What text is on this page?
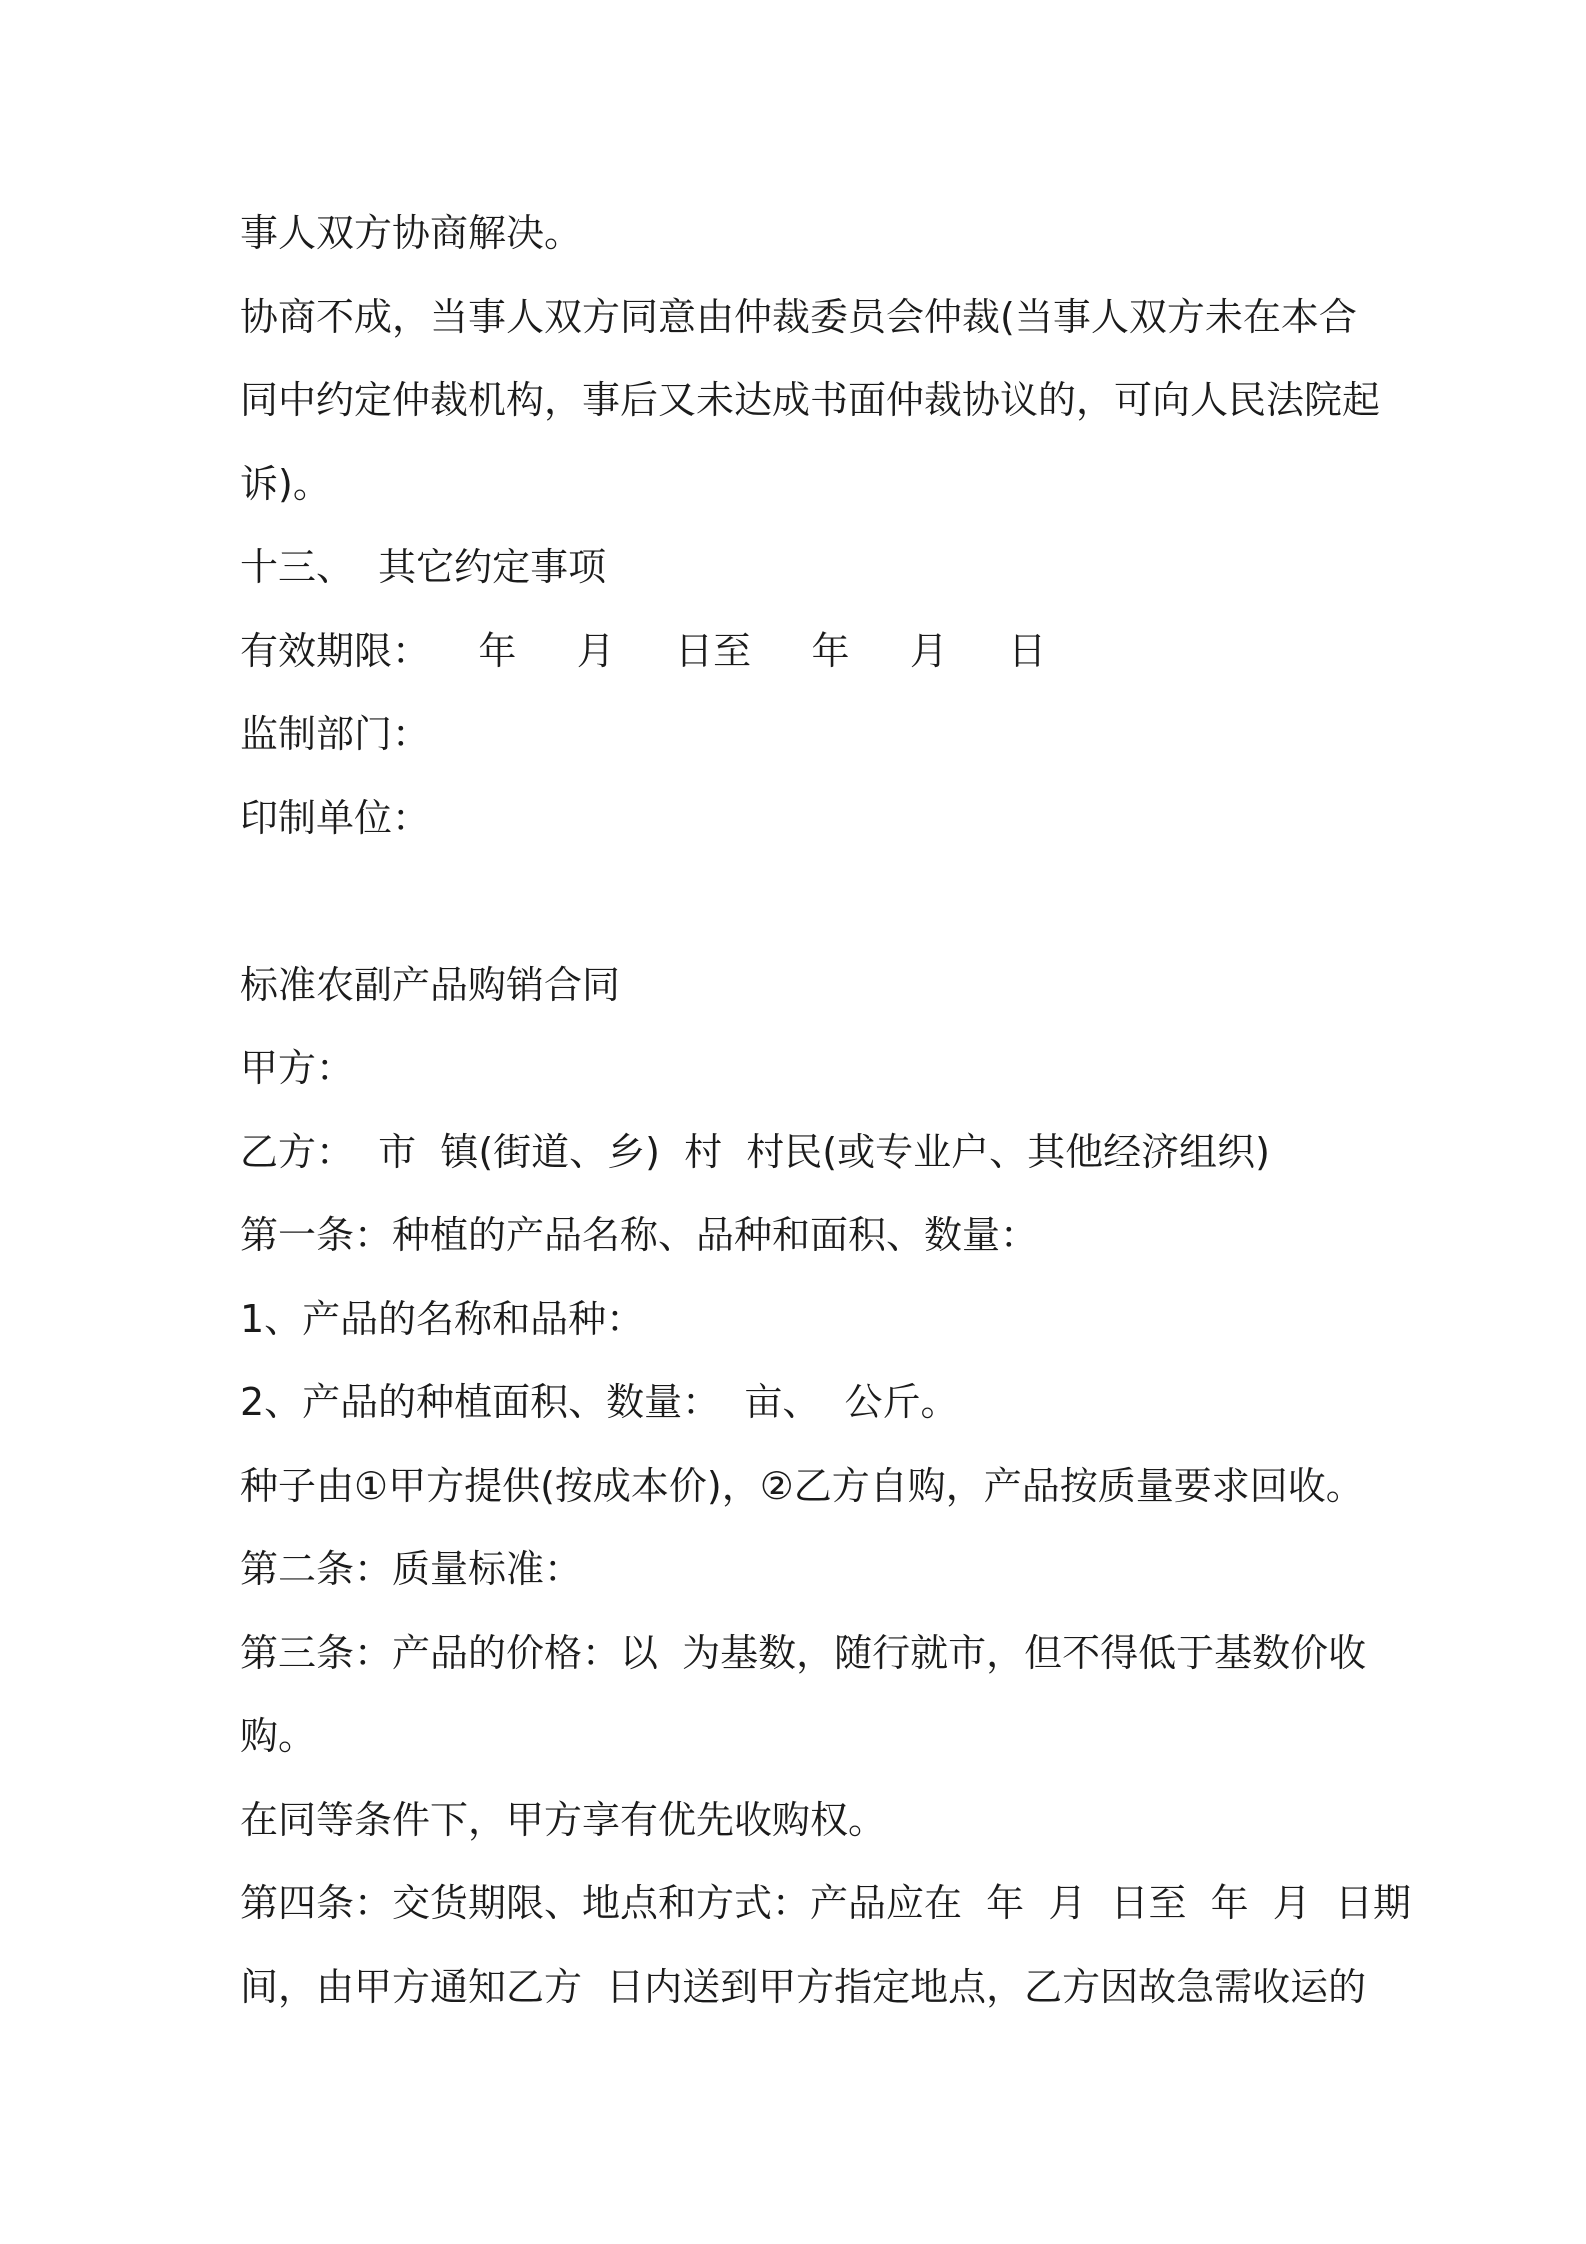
事人双方协商解决。
协商不成，当事人双方同意由仲裁委员会仲裁(当事人双方未在本合
同中约定仲裁机构，事后又未达成书面仲裁协议的，可向人民法院起
诉)。
十三、  其它约定事项
有效期限：    年     月     日至     年     月     日
监制部门：
印制单位：
标准农副产品购销合同
甲方：
乙方：  市  镇(街道、乡)  村  村民(或专业户、其他经济组织)
第一条：种植的产品名称、品种和面积、数量：
1、产品的名称和品种：
2、产品的种植面积、数量：  亩、  公斤。
种子由①甲方提供(按成本价)，②乙方自购，产品按质量要求回收。
第二条：质量标准：
第三条：产品的价格：以  为基数，随行就市，但不得低于基数价收
购。
在同等条件下，甲方享有优先收购权。
第四条：交货期限、地点和方式：产品应在  年  月  日至  年  月  日期
间，由甲方通知乙方  日内送到甲方指定地点，乙方因故急需收运的
